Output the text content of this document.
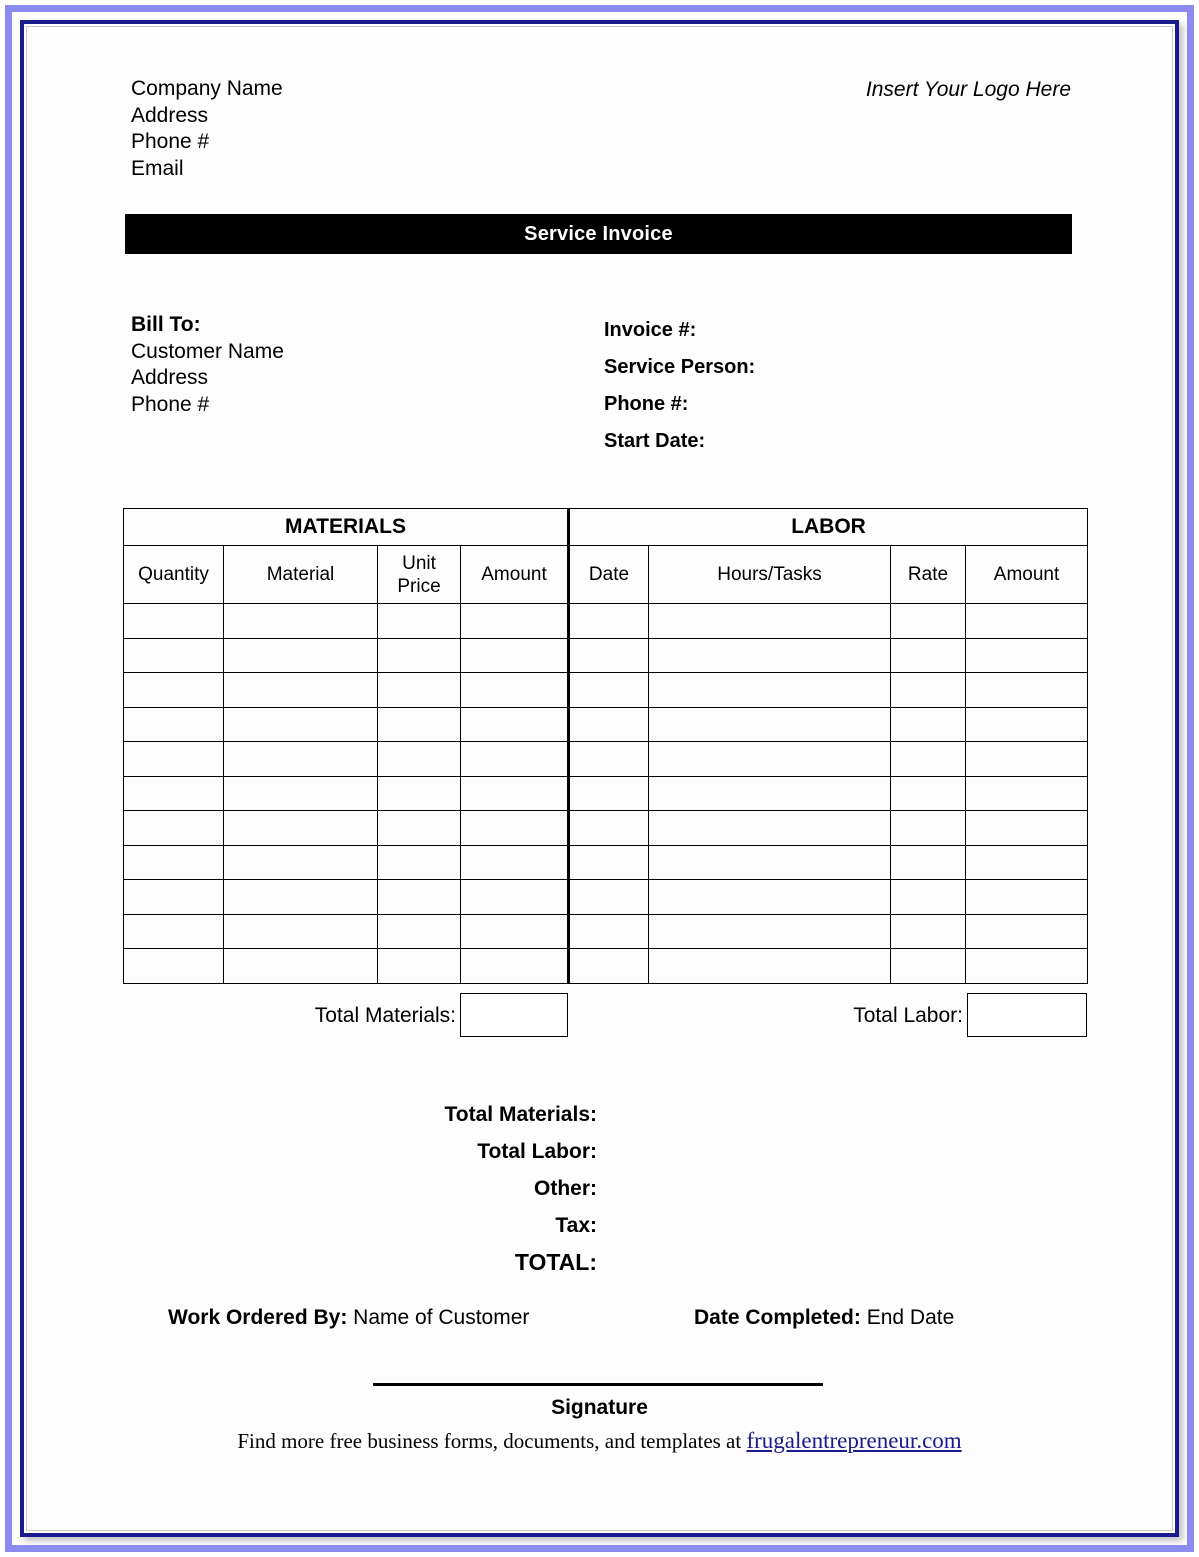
Company Name
Address
Phone #
Email
Insert Your Logo Here
Service Invoice
Bill To:
Customer Name
Address
Phone #
Invoice #:
Service Person:
Phone #:
Start Date:
MATERIALS				LABOR			
Quantity	Material	Unit Price	Amount	Date	Hours/Tasks	Rate	Amount

Total Materials:	Total Labor:
Total Materials:
Total Labor:
Other:
Tax:
TOTAL:
Work Ordered By: Name of Customer	Date Completed: End Date
Signature
Find more free business forms, documents, and templates at frugalentrepreneur.com
